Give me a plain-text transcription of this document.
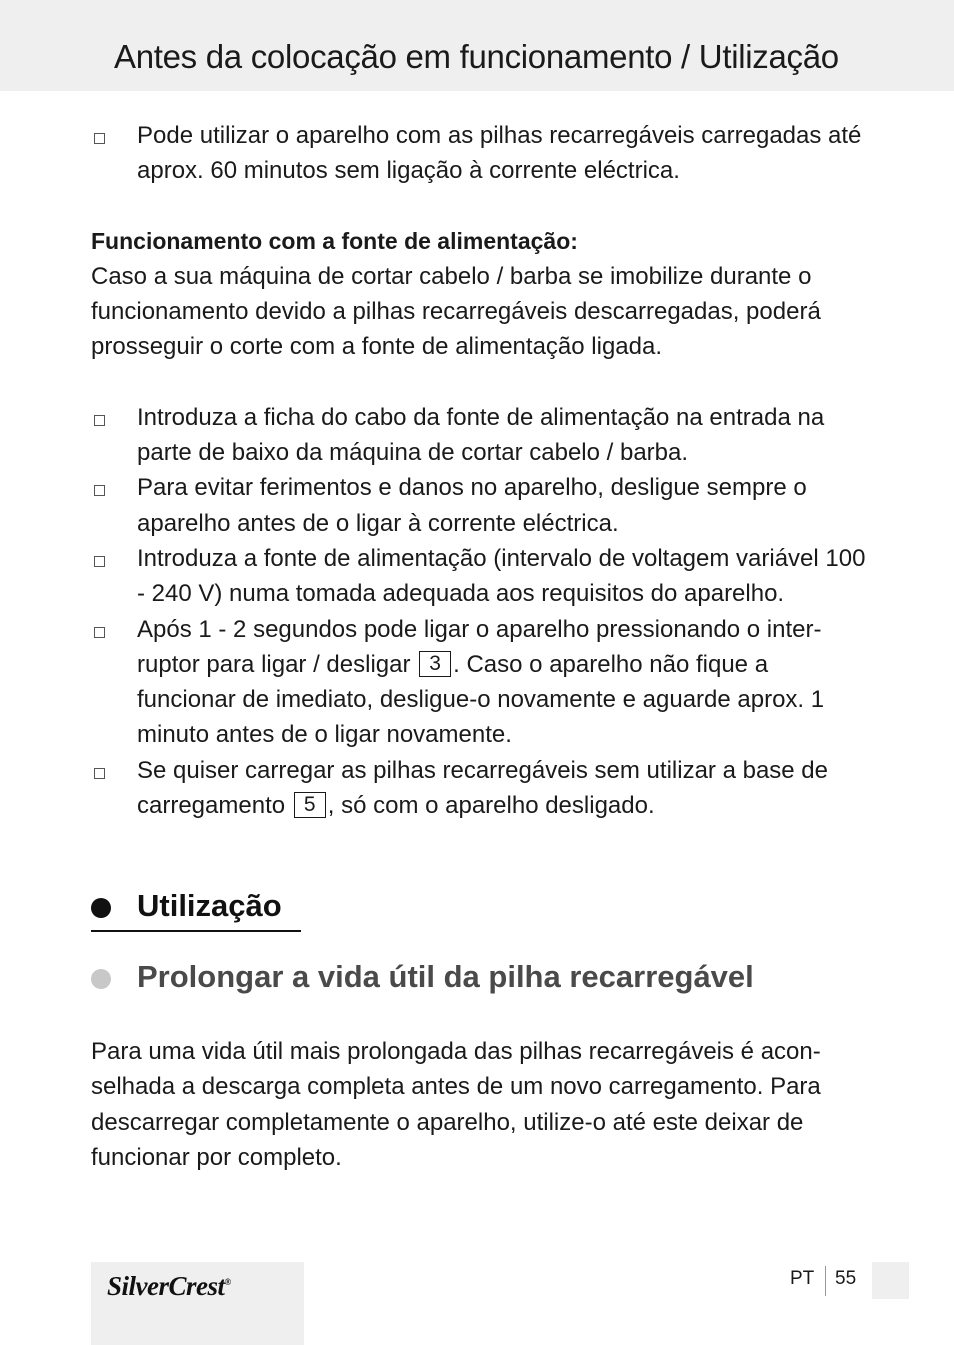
Antes da colocação em funcionamento / Utilização

Pode utilizar o aparelho com as pilhas recarregáveis carregadas até aprox. 60 minutos sem ligação à corrente eléctrica.

Funcionamento com a fonte de alimentação:

Caso a sua máquina de cortar cabelo / barba se imobilize durante o funcionamento devido a pilhas recarregáveis descarregadas, poderá prosseguir o corte com a fonte de alimentação ligada.

Introduza a ficha do cabo da fonte de alimentação na entrada na parte de baixo da máquina de cortar cabelo / barba.

Para evitar ferimentos e danos no aparelho, desligue sempre o aparelho antes de o ligar à corrente eléctrica.

Introduza a fonte de alimentação (intervalo de voltagem variável 100 - 240 V) numa tomada adequada aos requisitos do aparelho.

Após 1 - 2 segundos pode ligar o aparelho pressionando o inter-ruptor para ligar / desligar 3 . Caso o aparelho não fique a funcionar de imediato, desligue-o novamente e aguarde aprox. 1 minuto antes de o ligar novamente.

Se quiser carregar as pilhas recarregáveis sem utilizar a base de carregamento 5 , só com o aparelho desligado.

Utilização
Prolongar a vida útil da pilha recarregável

Para uma vida útil mais prolongada das pilhas recarregáveis é acon-selhada a descarga completa antes de um novo carregamento. Para descarregar completamente o aparelho, utilize-o até este deixar de funcionar por completo.

SilverCrest®	PT 55
